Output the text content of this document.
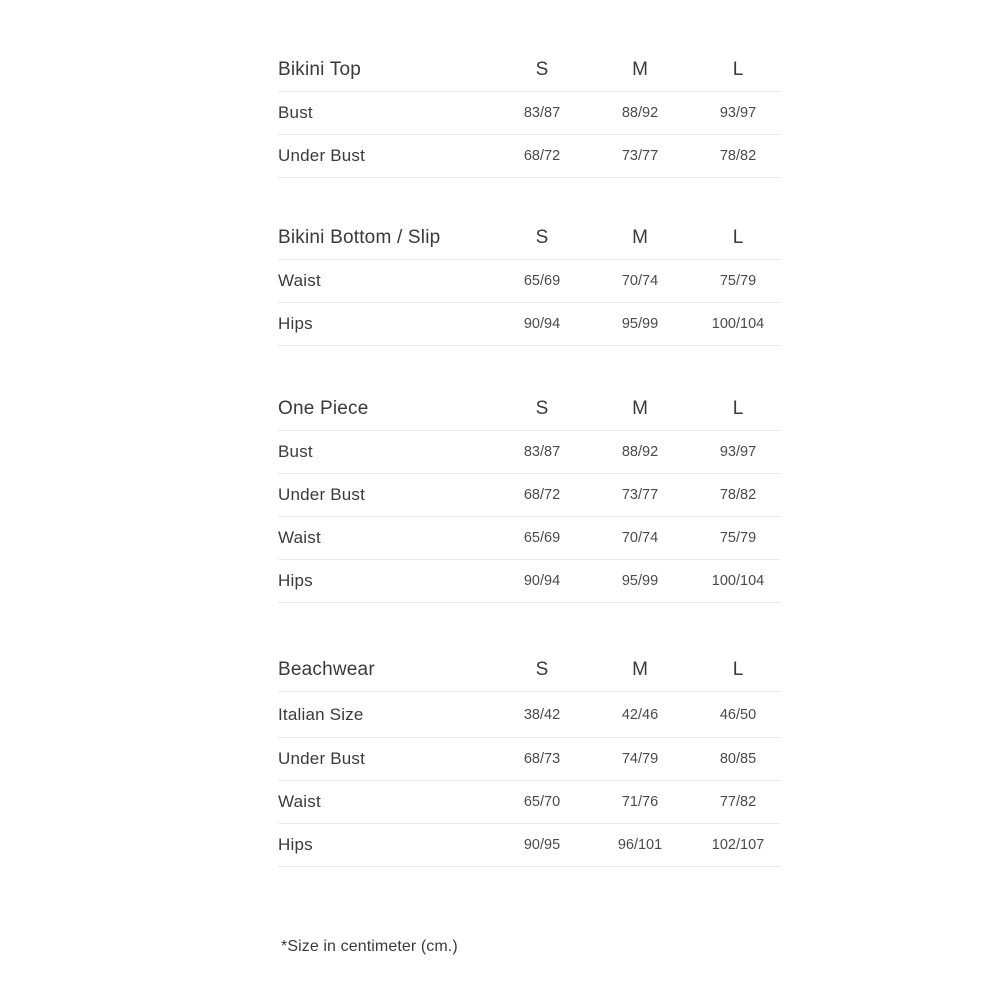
Bikini Top	S	M	L
Bust	83/87	88/92	93/97
Under Bust	68/72	73/77	78/82
Bikini Bottom / Slip	S	M	L
Waist	65/69	70/74	75/79
Hips	90/94	95/99	100/104
One Piece	S	M	L
Bust	83/87	88/92	93/97
Under Bust	68/72	73/77	78/82
Waist	65/69	70/74	75/79
Hips	90/94	95/99	100/104
Beachwear	S	M	L
Italian Size	38/42	42/46	46/50
Under Bust	68/73	74/79	80/85
Waist	65/70	71/76	77/82
Hips	90/95	96/101	102/107
*Size in centimeter (cm.)
